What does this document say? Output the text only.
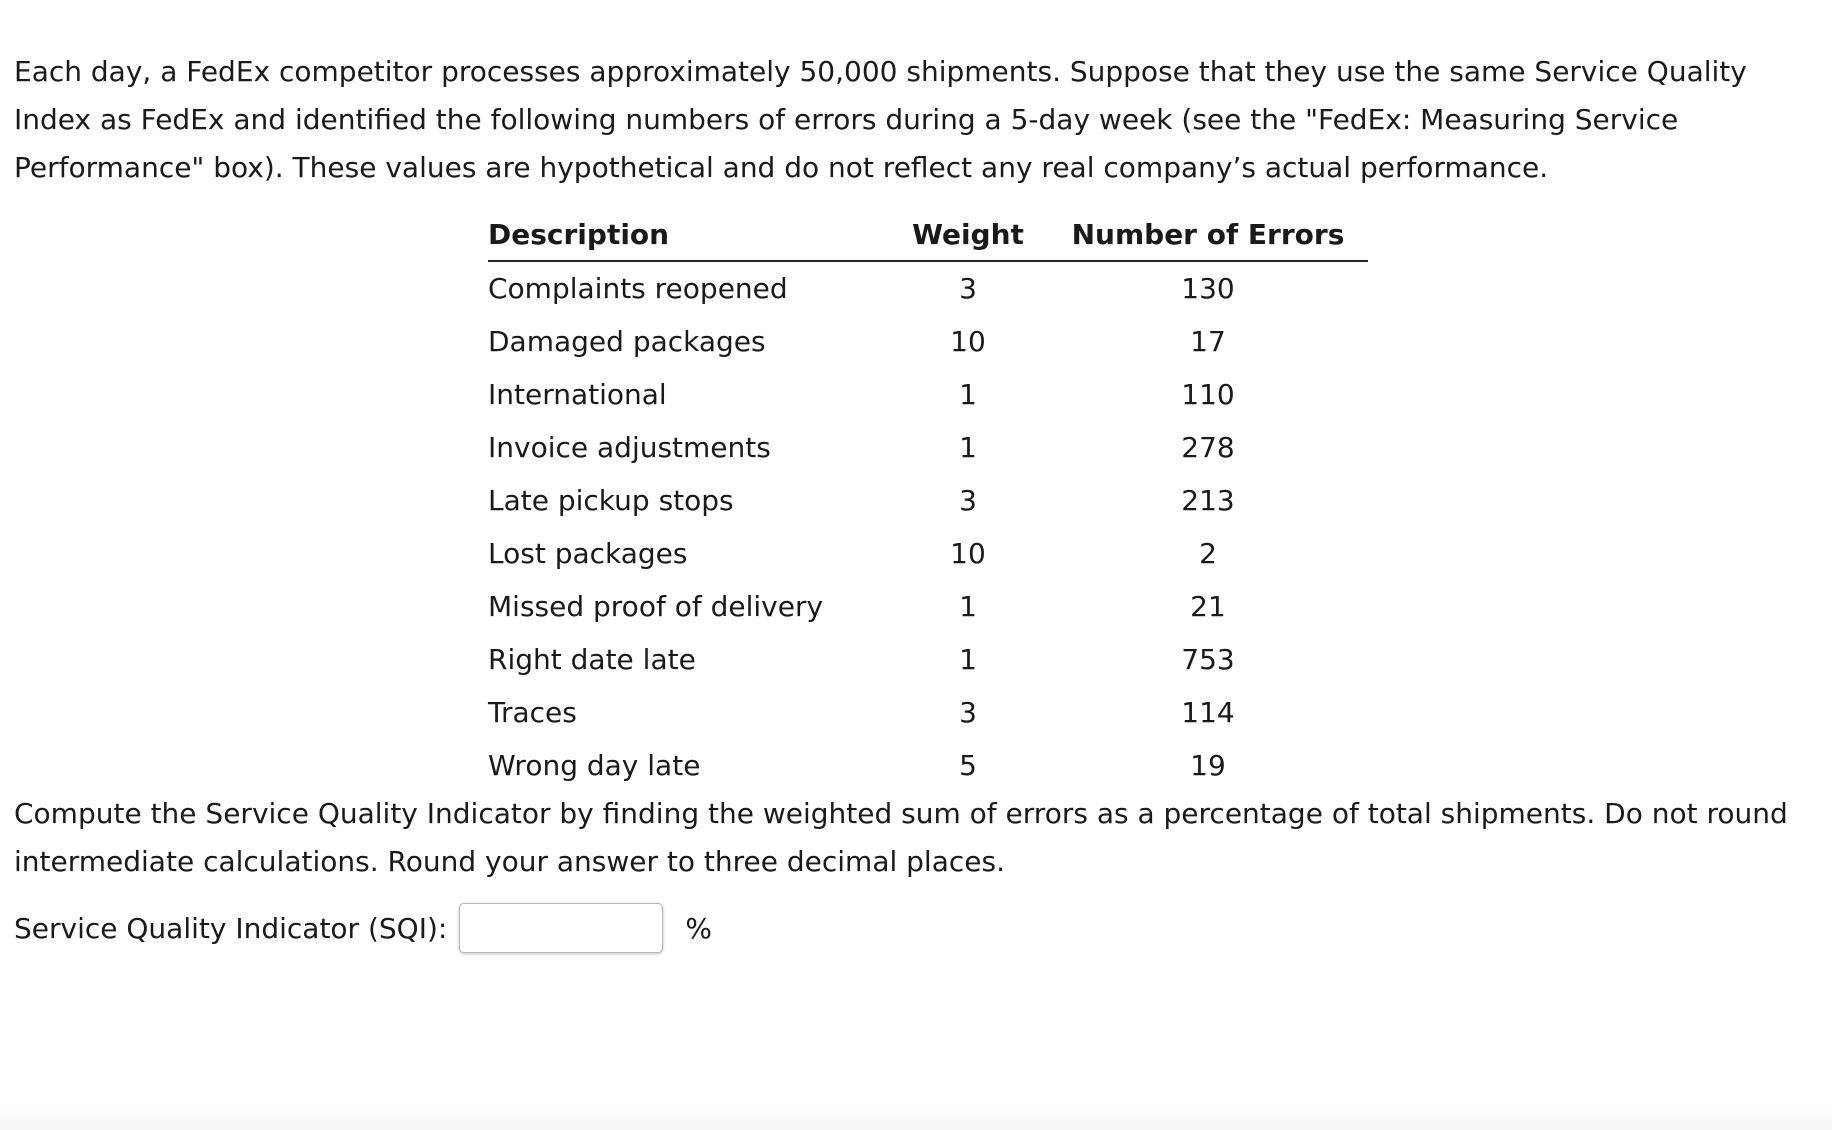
Each day, a FedEx competitor processes approximately 50,000 shipments. Suppose that they use the same Service Quality Index as FedEx and identified the following numbers of errors during a 5-day week (see the "FedEx: Measuring Service Performance" box). These values are hypothetical and do not reflect any real company’s actual performance.

Description	Weight	Number of Errors
Complaints reopened	3	130
Damaged packages	10	17
International	1	110
Invoice adjustments	1	278
Late pickup stops	3	213
Lost packages	10	2
Missed proof of delivery	1	21
Right date late	1	753
Traces	3	114
Wrong day late	5	19

Compute the Service Quality Indicator by finding the weighted sum of errors as a percentage of total shipments. Do not round intermediate calculations. Round your answer to three decimal places.

Service Quality Indicator (SQI):	%
